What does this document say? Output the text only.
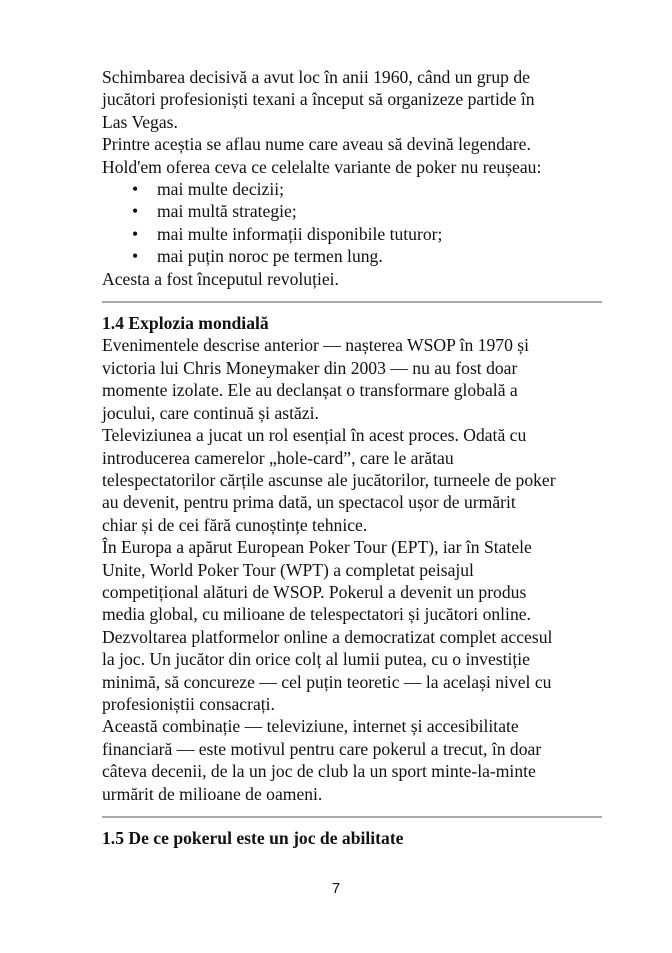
Schimbarea decisivă a avut loc în anii 1960, când un grup de

jucători profesioniști texani a început să organizeze partide în

Las Vegas.

Printre aceștia se aflau nume care aveau să devină legendare.

Hold'em oferea ceva ce celelalte variante de poker nu reușeau:

• mai multe decizii;
• mai multă strategie;
• mai multe informații disponibile tuturor;
• mai puțin noroc pe termen lung.

Acesta a fost începutul revoluției.

1.4 Explozia mondială

Evenimentele descrise anterior — nașterea WSOP în 1970 și

victoria lui Chris Moneymaker din 2003 — nu au fost doar

momente izolate. Ele au declanșat o transformare globală a

jocului, care continuă și astăzi.

Televiziunea a jucat un rol esențial în acest proces. Odată cu

introducerea camerelor „hole-card”, care le arătau

telespectatorilor cărțile ascunse ale jucătorilor, turneele de poker

au devenit, pentru prima dată, un spectacol ușor de urmărit

chiar și de cei fără cunoștințe tehnice.

În Europa a apărut European Poker Tour (EPT), iar în Statele

Unite, World Poker Tour (WPT) a completat peisajul

competițional alături de WSOP. Pokerul a devenit un produs

media global, cu milioane de telespectatori și jucători online.

Dezvoltarea platformelor online a democratizat complet accesul

la joc. Un jucător din orice colț al lumii putea, cu o investiție

minimă, să concureze — cel puțin teoretic — la același nivel cu

profesioniștii consacrați.

Această combinație — televiziune, internet și accesibilitate

financiară — este motivul pentru care pokerul a trecut, în doar

câteva decenii, de la un joc de club la un sport minte-la-minte

urmărit de milioane de oameni.

1.5 De ce pokerul este un joc de abilitate
7
